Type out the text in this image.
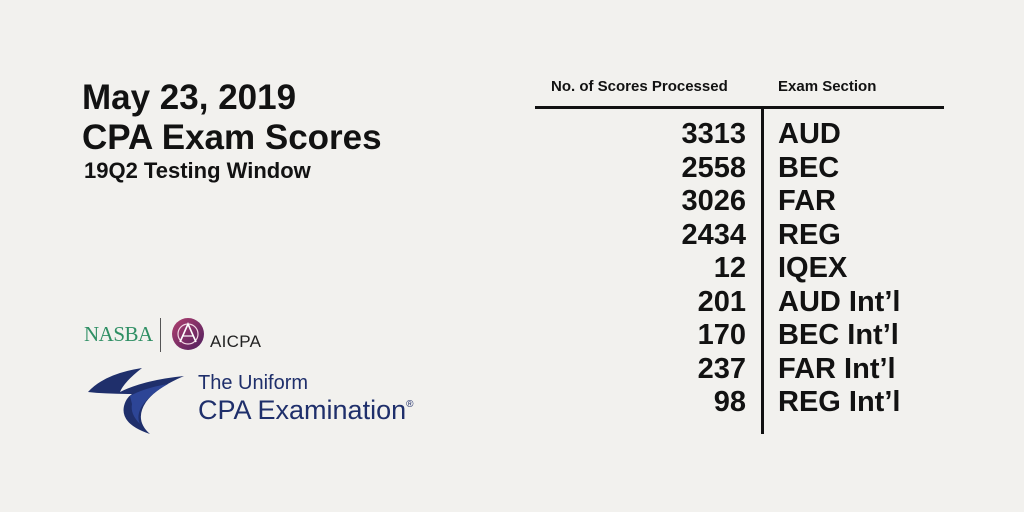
May 23, 2019
CPA Exam Scores
19Q2 Testing Window
NASBA	AICPA
The Uniform
CPA Examination®
No. of Scores Processed	Exam Section
3313 AUD
2558 BEC
3026 FAR
2434 REG
12 IQEX
201 AUD Int’l
170 BEC Int’l
237 FAR Int’l
98 REG Int’l
